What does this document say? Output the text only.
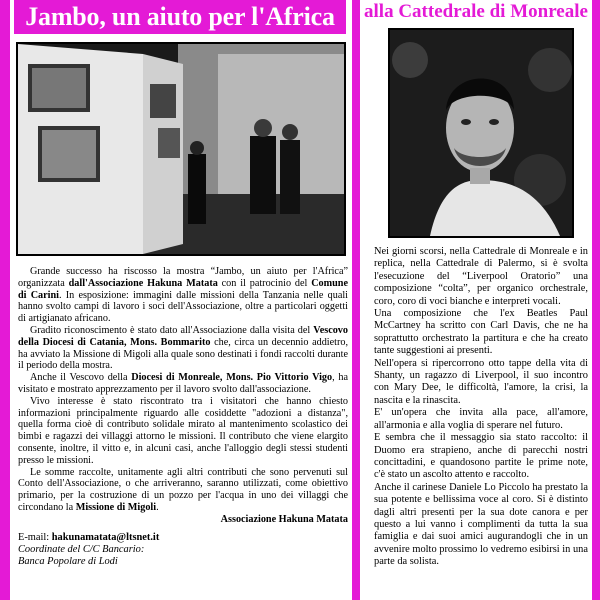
Jambo, un aiuto per l'Africa

Grande successo ha riscosso la mostra “Jambo, un aiuto per l'Africa” organizzata dall'Associazione Hakuna Matata con il patrocinio del Comune di Carini. In esposizione: immagini dalle missioni della Tanzania nelle quali hanno svolto campi di lavoro i soci dell'Associazione, oltre a particolari oggetti di artigianato africano.

Gradito riconoscimento è stato dato all'Associazione dalla visita del Vescovo della Diocesi di Catania, Mons. Bommarito che, circa un decennio addietro, ha avviato la Missione di Migoli alla quale sono destinati i fondi raccolti durante il periodo della mostra.

Anche il Vescovo della Diocesi di Monreale, Mons. Pio Vittorio Vigo, ha visitato e mostrato apprezzamento per il lavoro svolto dall'associazione.

Vivo interesse è stato riscontrato tra i visitatori che hanno chiesto informazioni principalmente riguardo alle cosiddette "adozioni a distanza", quella forma cioè di contributo solidale mirato al mantenimento scolastico dei bimbi e ragazzi dei villaggi attorno le missioni. Il contributo che viene elargito consente, inoltre, il vitto e, in alcuni casi, anche l'alloggio degli stessi studenti presso le missioni.

Le somme raccolte, unitamente agli altri contributi che sono pervenuti sul Conto dell'Associazione, o che arriveranno, saranno utilizzati, come obiettivo primario, per la costruzione di un pozzo per l'acqua in uno dei villaggi che circondano la Missione di Migoli.

Associazione Hakuna Matata

E-mail: hakunamatata@ltsnet.it
Coordinate del C/C Bancario:
Banca Popolare di Lodi
alla Cattedrale di Monreale

Nei giorni scorsi, nella Cattedrale di Monreale e in replica, nella Cattedrale di Palermo, si è svolta l'esecuzione del “Liverpool Oratorio” una composizione “colta”, per organico orchestrale, coro, coro di voci bianche e interpreti vocali.

Una composizione che l'ex Beatles Paul McCartney ha scritto con Carl Davis, che ne ha soprattutto orchestrato la partitura e che ha creato tante suggestioni ai presenti.

Nell'opera si ripercorrono otto tappe della vita di Shanty, un ragazzo di Liverpool, il suo incontro con Mary Dee, le difficoltà, l'amore, la crisi, la nascita e la rinascita.

E' un'opera che invita alla pace, all'amore, all'armonia e alla voglia di sperare nel futuro.

E sembra che il messaggio sia stato raccolto: il Duomo era strapieno, anche di parecchi nostri concittadini, e quandosono partite le prime note, c'è stato un ascolto attento e raccolto.

Anche il carinese Daniele Lo Piccolo ha prestato la sua potente e bellissima voce al coro. Si è distinto dagli altri presenti per la sua dote canora e per questo a lui vanno i complimenti da tutta la sua famiglia e dai suoi amici augurandogli che in un avvenire molto prossimo lo vedremo esibirsi in una parte da solista.
